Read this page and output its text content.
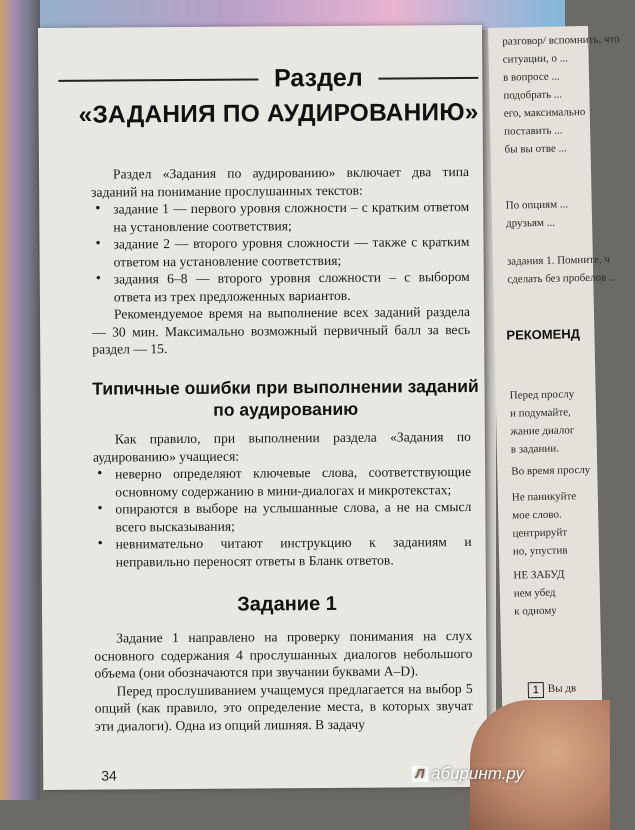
разговор/ вспомнить, что
ситуации, о ...
в вопросе ...
подобрать ...
его, максимально
поставить ...
бы вы отве ...
По опциям ...
друзьям ...
задания 1. Помните, ч
сделать без пробелов ...
РЕКОМЕНД
Перед прослу
и подумайте,
жание диалог
в задании.
Во время прослу
Не паникуйте
мое слово.
центрируйт
но, упустив
НЕ ЗАБУД
нем убед
к одному
1 Вы дв
Раздел
«ЗАДАНИЯ ПО АУДИРОВАНИЮ»

Раздел «Задания по аудированию» включает два типа заданий на понимание прослушанных текстов:

• задание 1 — первого уровня сложности – с кратким ответом на установление соответствия;
• задание 2 — второго уровня сложности — также с кратким ответом на установление соответствия;
• задания 6–8 — второго уровня сложности – с выбором ответа из трех предложенных вариантов.

Рекомендуемое время на выполнение всех заданий раздела — 30 мин. Максимально возможный первичный балл за весь раздел — 15.

Типичные ошибки при выполнении заданий по аудированию

Как правило, при выполнении раздела «Задания по аудированию» учащиеся:

• неверно определяют ключевые слова, соответствующие основному содержанию в мини-диалогах и микротекстах;
• опираются в выборе на услышанные слова, а не на смысл всего высказывания;
• невнимательно читают инструкцию к заданиям и неправильно переносят ответы в Бланк ответов.
Задание 1

Задание 1 направлено на проверку понимания на слух основного содержания 4 прослушанных диалогов небольшого объема (они обозначаются при звучании буквами A–D).

Перед прослушиванием учащемуся предлагается на выбор 5 опций (как правило, это определение места, в которых звучат эти диалоги). Одна из опций лишняя. В задачу

34	Л абиринт.ру
